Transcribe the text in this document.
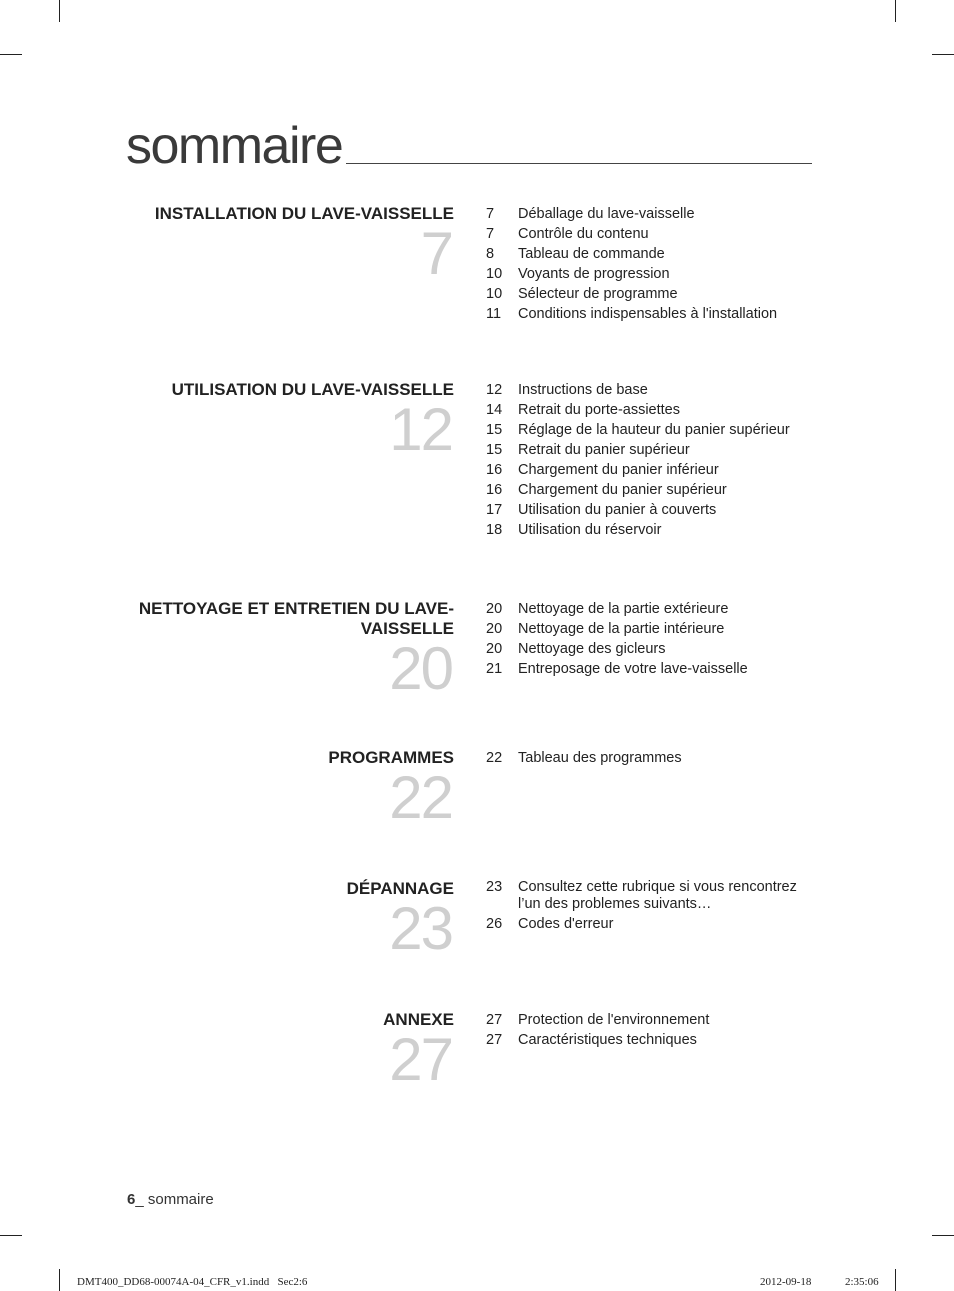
sommaire
INSTALLATION DU LAVE-VAISSELLE
7
7	Déballage du lave-vaisselle
7	Contrôle du contenu
8	Tableau de commande
10	Voyants de progression
10	Sélecteur de programme
11	Conditions indispensables à l'installation
UTILISATION DU LAVE-VAISSELLE
12
12	Instructions de base
14	Retrait du porte-assiettes
15	Réglage de la hauteur du panier supérieur
15	Retrait du panier supérieur
16	Chargement du panier inférieur
16	Chargement du panier supérieur
17	Utilisation du panier à couverts
18	Utilisation du réservoir
NETTOYAGE ET ENTRETIEN DU LAVE-VAISSELLE
20
20	Nettoyage de la partie extérieure
20	Nettoyage de la partie intérieure
20	Nettoyage des gicleurs
21	Entreposage de votre lave-vaisselle
PROGRAMMES
22
22	Tableau des programmes
DÉPANNAGE
23
23	Consultez cette rubrique si vous rencontrez l’un des problemes suivants…
26	Codes d'erreur
ANNEXE
27
27	Protection de l'environnement
27	Caractéristiques techniques
6_ sommaire
DMT400_DD68-00074A-04_CFR_v1.indd   Sec2:6	2012-09-18	2:35:06
